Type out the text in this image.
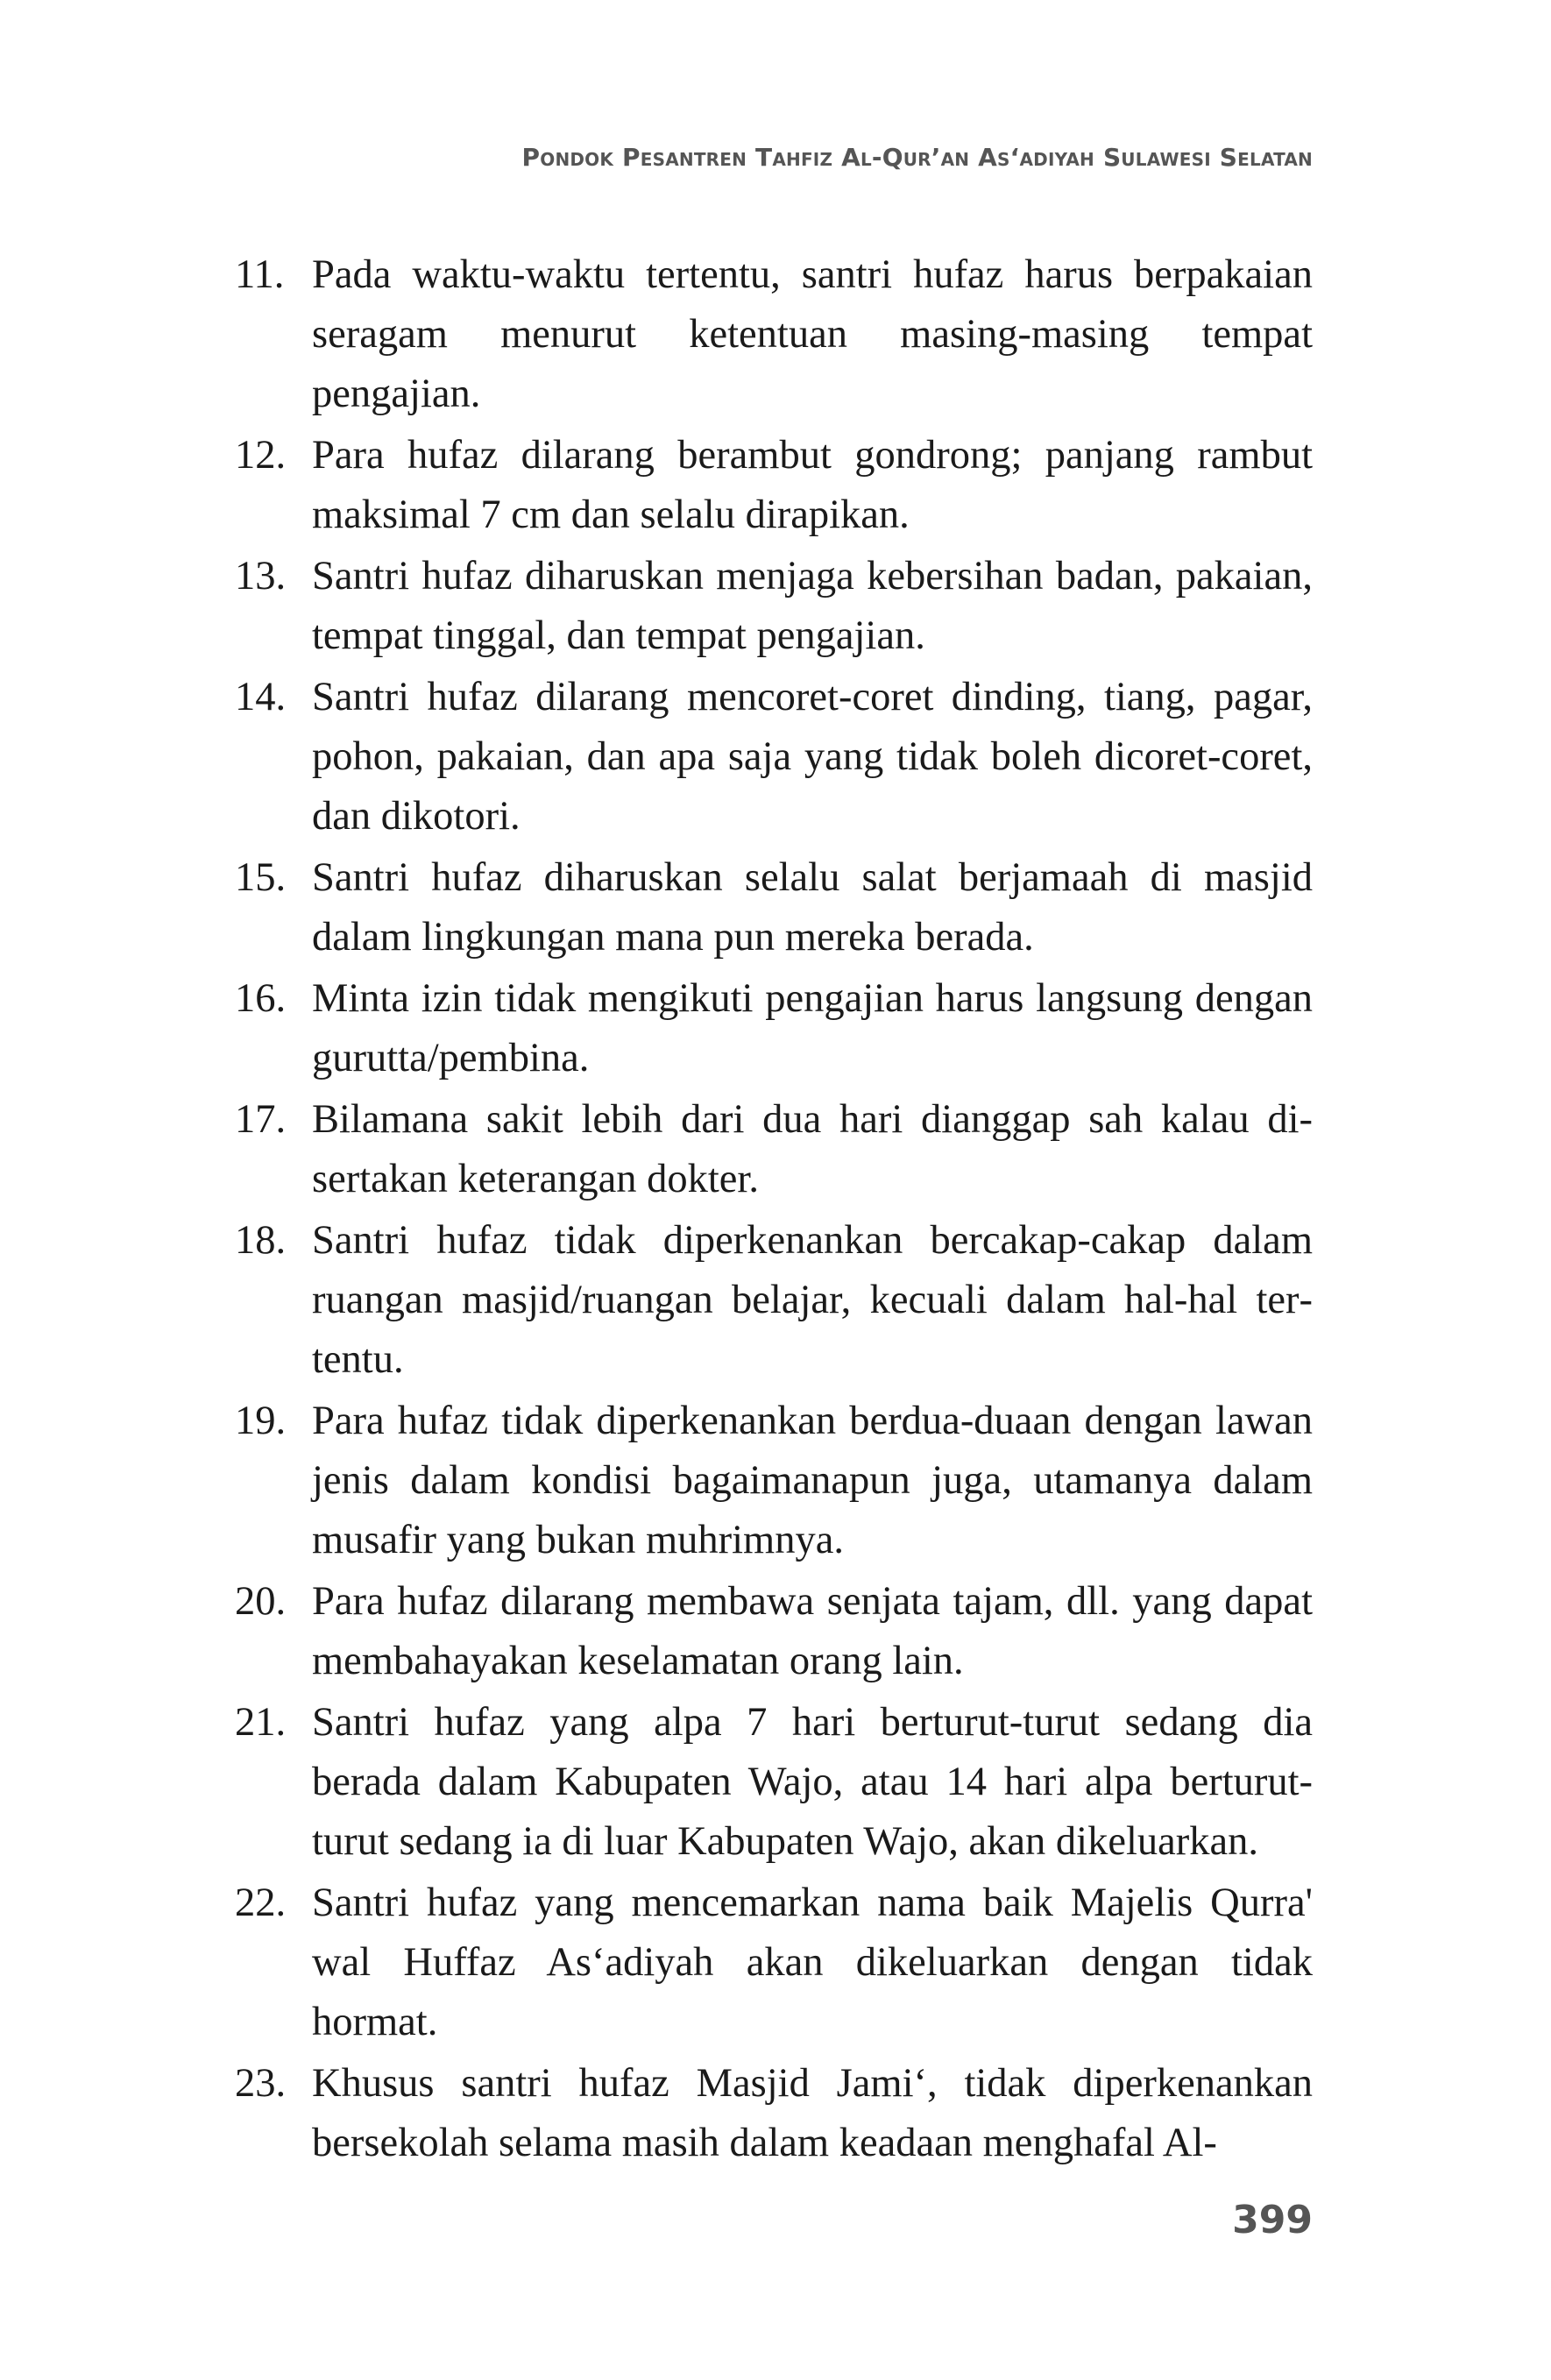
Pondok Pesantren Tahfiz Al-Qur’an As‘adiyah Sulawesi Selatan
11. Pada waktu-waktu tertentu, santri hufaz harus berpakaian seragam menurut ketentuan masing-masing tempat pengajian.
12. Para hufaz dilarang berambut gondrong; panjang rambut maksimal 7 cm dan selalu dirapikan.
13. Santri hufaz diharuskan menjaga kebersihan badan, pakaian, tempat tinggal, dan tempat pengajian.
14. Santri hufaz dilarang mencoret-coret dinding, tiang, pagar, pohon, pakaian, dan apa saja yang tidak boleh dicoret-coret, dan dikotori.
15. Santri hufaz diharuskan selalu salat berjamaah di masjid dalam lingkungan mana pun mereka berada.
16. Minta izin tidak mengikuti pengajian harus langsung dengan gurutta/pembina.
17. Bilamana sakit lebih dari dua hari dianggap sah kalau disertakan keterangan dokter.
18. Santri hufaz tidak diperkenankan bercakap-cakap dalam ruangan masjid/ruangan belajar, kecuali dalam hal-hal tertentu.
19. Para hufaz tidak diperkenankan berdua-duaan dengan lawan jenis dalam kondisi bagaimanapun juga, utamanya dalam musafir yang bukan muhrimnya.
20. Para hufaz dilarang membawa senjata tajam, dll. yang dapat membahayakan keselamatan orang lain.
21. Santri hufaz yang alpa 7 hari berturut-turut sedang dia berada dalam Kabupaten Wajo, atau 14 hari alpa berturut-turut sedang ia di luar Kabupaten Wajo, akan dikeluarkan.
22. Santri hufaz yang mencemarkan nama baik Majelis Qurra' wal Huffaz As‘adiyah akan dikeluarkan dengan tidak hormat.
23. Khusus santri hufaz Masjid Jami‘, tidak diperkenankan bersekolah selama masih dalam keadaan menghafal Al-
399
